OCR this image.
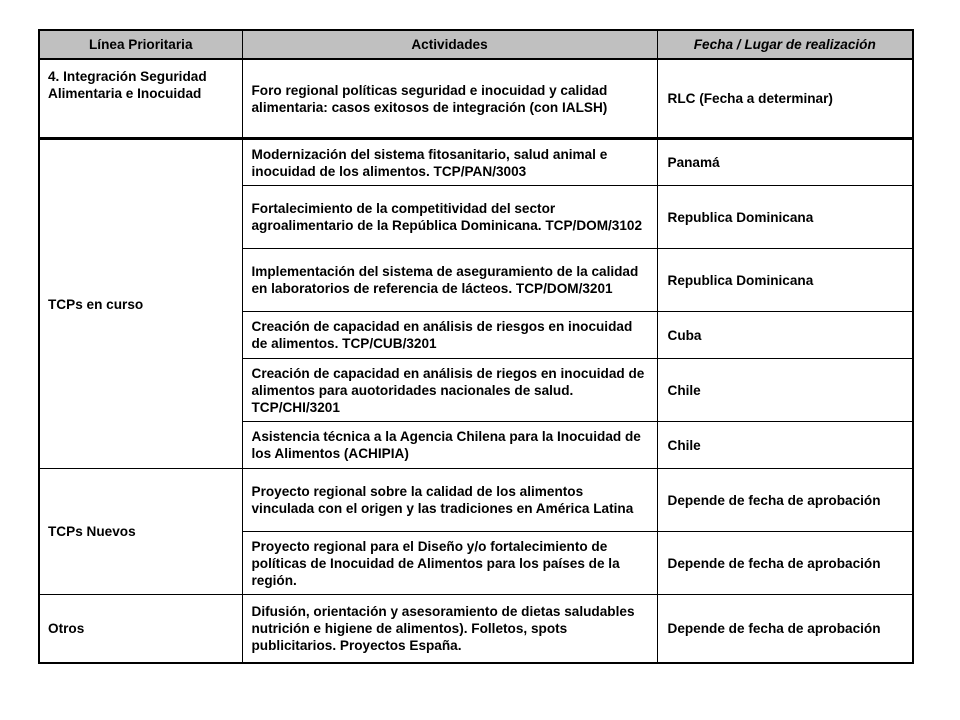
Línea Prioritaria	Actividades	Fecha / Lugar de realización
4. Integración Seguridad Alimentaria e Inocuidad	Foro regional políticas seguridad e inocuidad y calidad alimentaria: casos exitosos de integración (con IALSH)	RLC (Fecha a determinar)
TCPs en curso	Modernización del sistema fitosanitario, salud animal e inocuidad de los alimentos. TCP/PAN/3003	Panamá
	Fortalecimiento de la competitividad del sector agroalimentario de la República Dominicana. TCP/DOM/3102	Republica Dominicana
	Implementación del sistema de aseguramiento de la calidad en laboratorios de referencia de lácteos. TCP/DOM/3201	Republica Dominicana
	Creación de capacidad en análisis de riesgos en inocuidad de alimentos. TCP/CUB/3201	Cuba
	Creación de capacidad en análisis de riegos en inocuidad de alimentos para auotoridades nacionales de salud. TCP/CHI/3201	Chile
	Asistencia técnica a la Agencia Chilena para la Inocuidad de los Alimentos (ACHIPIA)	Chile
TCPs Nuevos	Proyecto regional sobre la calidad de los alimentos vinculada con el origen y las tradiciones en América Latina	Depende de fecha de aprobación
	Proyecto regional para el Diseño y/o fortalecimiento de políticas de Inocuidad de Alimentos para los países de la región.	Depende de fecha de aprobación
Otros	Difusión, orientación y asesoramiento de dietas saludables nutrición e higiene de alimentos). Folletos, spots publicitarios. Proyectos España.	Depende de fecha de aprobación
